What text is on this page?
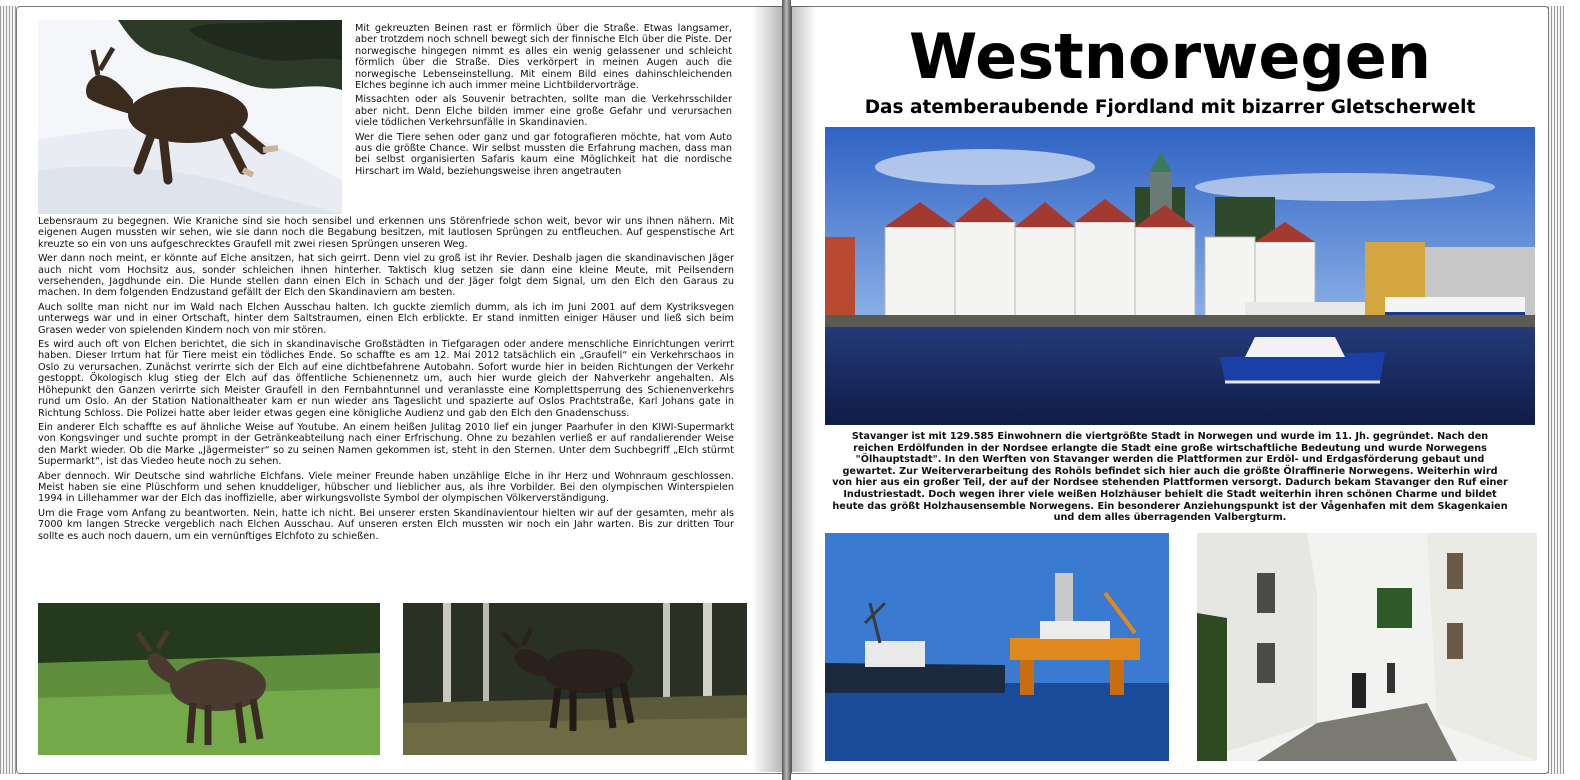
Mit gekreuzten Beinen rast er förmlich über die Straße. Etwas langsamer, aber trotzdem noch schnell bewegt sich der finnische Elch über die Piste. Der norwegische hingegen nimmt es alles ein wenig gelassener und schleicht förmlich über die Straße. Dies verkörpert in meinen Augen auch die norwegische Lebenseinstellung. Mit einem Bild eines dahinschleichenden Elches beginne ich auch immer meine Lichtbildervorträge.

Missachten oder als Souvenir betrachten, sollte man die Verkehrsschilder aber nicht. Denn Elche bilden immer eine große Gefahr und verursachen viele tödlichen Verkehrsunfälle in Skandinavien.

Wer die Tiere sehen oder ganz und gar fotografieren möchte, hat vom Auto aus die größte Chance. Wir selbst mussten die Erfahrung machen, dass man bei selbst organisierten Safaris kaum eine Möglichkeit hat die nordische Hirschart im Wald, beziehungsweise ihren angetrauten

Lebensraum zu begegnen. Wie Kraniche sind sie hoch sensibel und erkennen uns Störenfriede schon weit, bevor wir uns ihnen nähern. Mit eigenen Augen mussten wir sehen, wie sie dann noch die Begabung besitzen, mit lautlosen Sprüngen zu entfleuchen. Auf gespenstische Art kreuzte so ein von uns aufgeschrecktes Graufell mit zwei riesen Sprüngen unseren Weg.

Wer dann noch meint, er könnte auf Elche ansitzen, hat sich geirrt. Denn viel zu groß ist ihr Revier. Deshalb jagen die skandinavischen Jäger auch nicht vom Hochsitz aus, sonder schleichen ihnen hinterher. Taktisch klug setzen sie dann eine kleine Meute, mit Peilsendern versehenden, Jagdhunde ein. Die Hunde stellen dann einen Elch in Schach und der Jäger folgt dem Signal, um den Elch den Garaus zu machen. In dem folgenden Endzustand gefällt der Elch den Skandinaviern am besten.

Auch sollte man nicht nur im Wald nach Elchen Ausschau halten. Ich guckte ziemlich dumm, als ich im Juni 2001 auf dem Kystriksvegen unterwegs war und in einer Ortschaft, hinter dem Saltstraumen, einen Elch erblickte. Er stand inmitten einiger Häuser und ließ sich beim Grasen weder von spielenden Kindern noch von mir stören.

Es wird auch oft von Elchen berichtet, die sich in skandinavische Großstädten in Tiefgaragen oder andere menschliche Einrichtungen verirrt haben. Dieser Irrtum hat für Tiere meist ein tödliches Ende. So schaffte es am 12. Mai 2012 tatsächlich ein „Graufell“ ein Verkehrschaos in Oslo zu verursachen. Zunächst verirrte sich der Elch auf eine dichtbefahrene Autobahn. Sofort wurde hier in beiden Richtungen der Verkehr gestoppt. Ökologisch klug stieg der Elch auf das öffentliche Schienennetz um, auch hier wurde gleich der Nahverkehr angehalten. Als Höhepunkt den Ganzen verirrte sich Meister Graufell in den Fernbahntunnel und veranlasste eine Komplettsperrung des Schienenverkehrs rund um Oslo. An der Station Nationaltheater kam er nun wieder ans Tageslicht und spazierte auf Oslos Prachtstraße, Karl Johans gate in Richtung Schloss. Die Polizei hatte aber leider etwas gegen eine königliche Audienz und gab den Elch den Gnadenschuss.

Ein anderer Elch schaffte es auf ähnliche Weise auf Youtube. An einem heißen Julitag 2010 lief ein junger Paarhufer in den KIWI-Supermarkt von Kongsvinger und suchte prompt in der Getränkeabteilung nach einer Erfrischung. Ohne zu bezahlen verließ er auf randalierender Weise den Markt wieder. Ob die Marke „Jägermeister“ so zu seinen Namen gekommen ist, steht in den Sternen. Unter dem Suchbegriff „Elch stürmt Supermarkt“, ist das Viedeo heute noch zu sehen.

Aber dennoch. Wir Deutsche sind wahrliche Elchfans. Viele meiner Freunde haben unzählige Elche in ihr Herz und Wohnraum geschlossen. Meist haben sie eine Plüschform und sehen knuddeliger, hübscher und lieblicher aus, als ihre Vorbilder. Bei den olympischen Winterspielen 1994 in Lillehammer war der Elch das inoffizielle, aber wirkungsvollste Symbol der olympischen Völkerverständigung.

Um die Frage vom Anfang zu beantworten. Nein, hatte ich nicht. Bei unserer ersten Skandinavientour hielten wir auf der gesamten, mehr als 7000 km langen Strecke vergeblich nach Elchen Ausschau. Auf unseren ersten Elch mussten wir noch ein Jahr warten. Bis zur dritten Tour sollte es auch noch dauern, um ein vernünftiges Elchfoto zu schießen.

Westnorwegen
Das atemberaubende Fjordland mit bizarrer Gletscherwelt
Stavanger ist mit 129.585 Einwohnern die viertgrößte Stadt in Norwegen und wurde im 11. Jh. gegründet. Nach den reichen Erdölfunden in der Nordsee erlangte die Stadt eine große wirtschaftliche Bedeutung und wurde Norwegens "Ölhauptstadt". In den Werften von Stavanger werden die Plattformen zur Erdöl- und Erdgasförderung gebaut und gewartet. Zur Weiterverarbeitung des Rohöls befindet sich hier auch die größte Ölraffinerie Norwegens. Weiterhin wird von hier aus ein großer Teil, der auf der Nordsee stehenden Plattformen versorgt. Dadurch bekam Stavanger den Ruf einer Industriestadt. Doch wegen ihrer viele weißen Holzhäuser behielt die Stadt weiterhin ihren schönen Charme und bildet heute das größt Holzhausensemble Norwegens. Ein besonderer Anziehungspunkt ist der Vågenhafen mit dem Skagenkaien und dem alles überragenden Valbergturm.
